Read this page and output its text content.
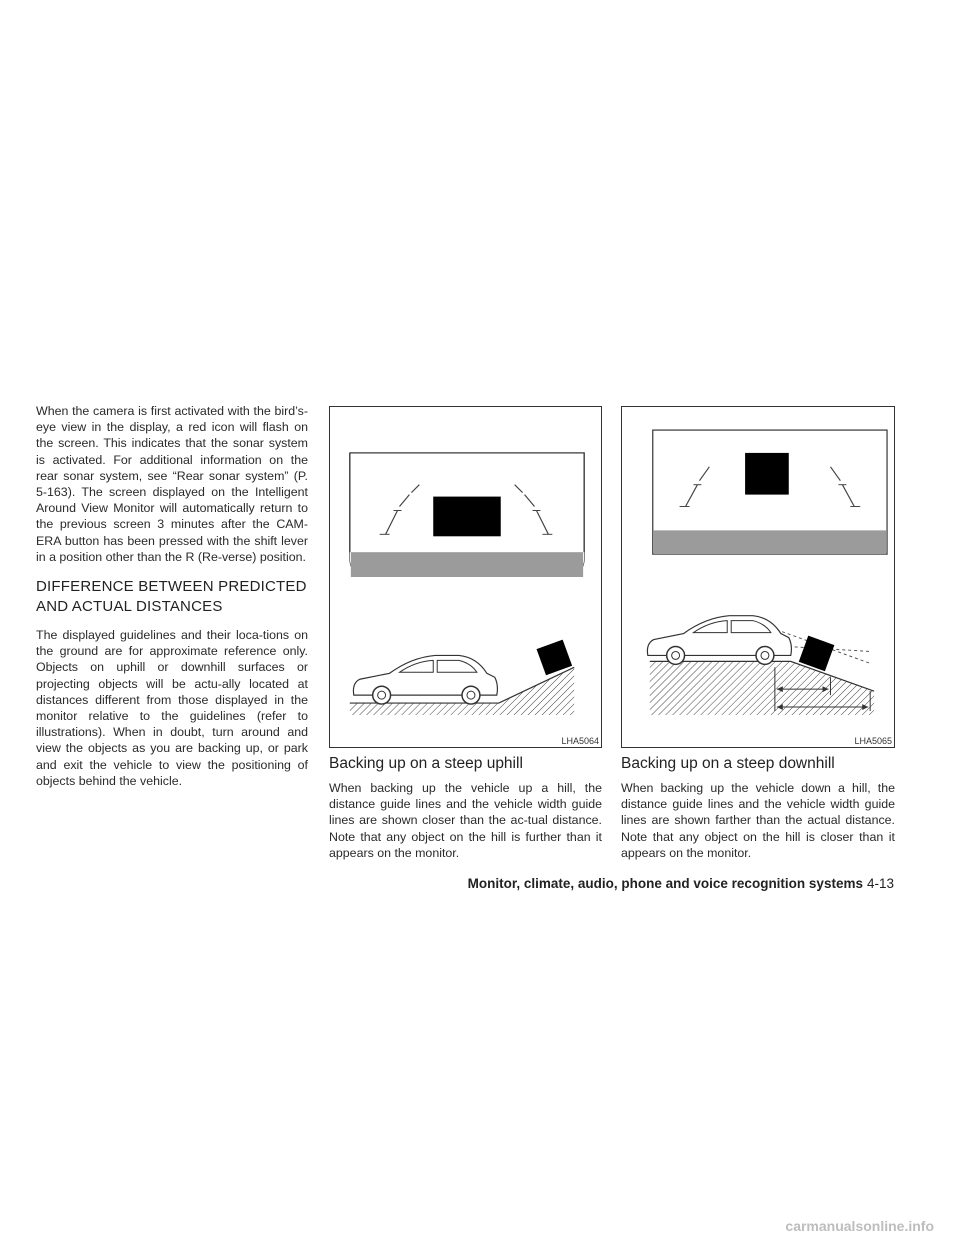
When the camera is first activated with the bird’s-eye view in the display, a red icon will flash on the screen. This indicates that the sonar system is activated. For additional information on the rear sonar system, see “Rear sonar system” (P. 5-163). The screen displayed on the Intelligent Around View Monitor will automatically return to the previous screen 3 minutes after the CAM-ERA button has been pressed with the shift lever in a position other than the R (Re-verse) position.

DIFFERENCE BETWEEN PREDICTED AND ACTUAL DISTANCES

The displayed guidelines and their loca-tions on the ground are for approximate reference only. Objects on uphill or downhill surfaces or projecting objects will be actu-ally located at distances different from those displayed in the monitor relative to the guidelines (refer to illustrations). When in doubt, turn around and view the objects as you are backing up, or park and exit the vehicle to view the positioning of objects behind the vehicle.

LHA5064
Backing up on a steep uphill

When backing up the vehicle up a hill, the distance guide lines and the vehicle width guide lines are shown closer than the ac-tual distance. Note that any object on the hill is further than it appears on the monitor.

LHA5065
Backing up on a steep downhill

When backing up the vehicle down a hill, the distance guide lines and the vehicle width guide lines are shown farther than the actual distance. Note that any object on the hill is closer than it appears on the monitor.

Monitor, climate, audio, phone and voice recognition systems 4-13
carmanualsonline.info
